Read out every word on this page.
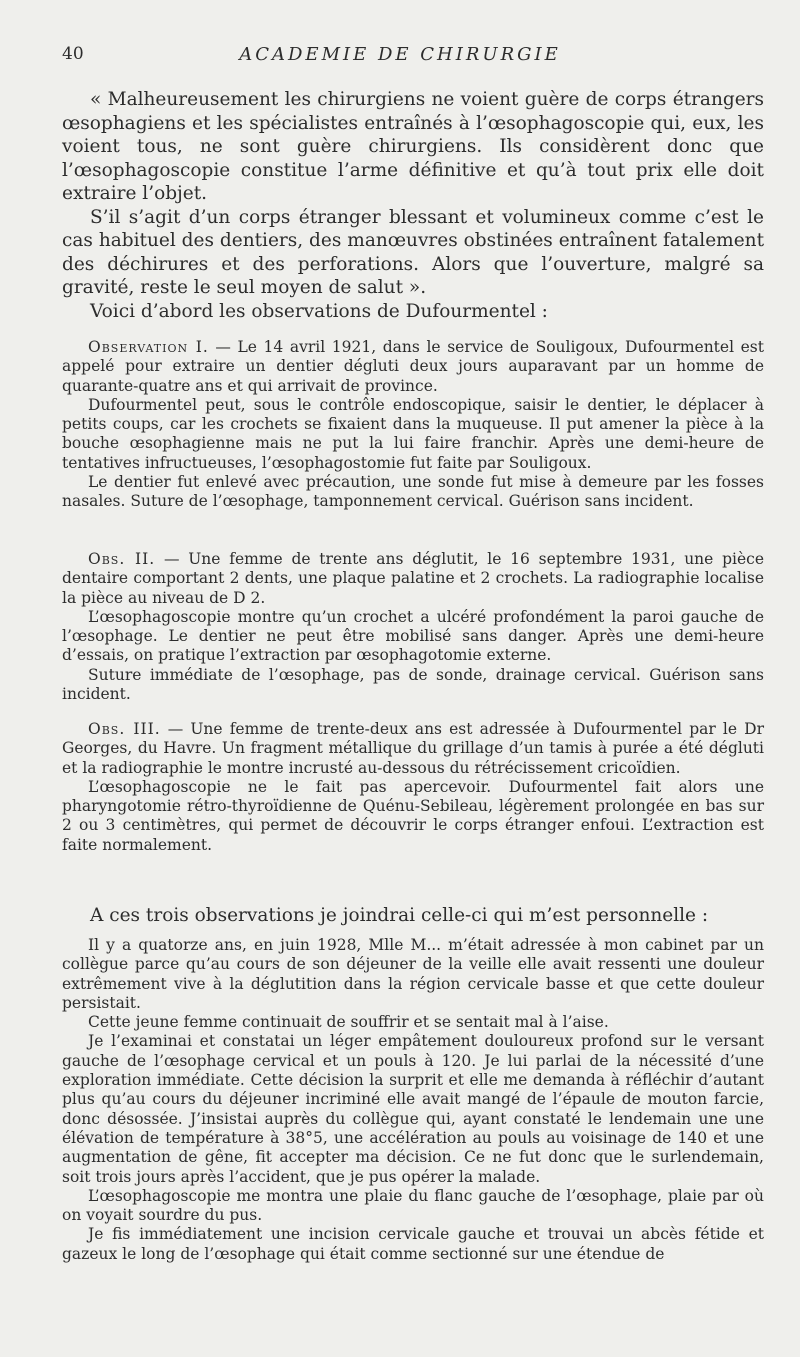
40	ACADEMIE DE CHIRURGIE

« Malheureusement les chirurgiens ne voient guère de corps étrangers œsophagiens et les spécialistes entraînés à l’œsophagoscopie qui, eux, les voient tous, ne sont guère chirurgiens. Ils considèrent donc que l’œsophagoscopie constitue l’arme définitive et qu’à tout prix elle doit extraire l’objet.

S’il s’agit d’un corps étranger blessant et volumineux comme c’est le cas habituel des dentiers, des manœuvres obstinées entraînent fatalement des déchirures et des perforations. Alors que l’ouverture, malgré sa gravité, reste le seul moyen de salut ».

Voici d’abord les observations de Dufourmentel :

Observation I. — Le 14 avril 1921, dans le service de Souligoux, Dufourmentel est appelé pour extraire un dentier dégluti deux jours auparavant par un homme de quarante-quatre ans et qui arrivait de province.

Dufourmentel peut, sous le contrôle endoscopique, saisir le dentier, le déplacer à petits coups, car les crochets se fixaient dans la muqueuse. Il put amener la pièce à la bouche œsophagienne mais ne put la lui faire franchir. Après une demi-heure de tentatives infructueuses, l’œsophagostomie fut faite par Souligoux.

Le dentier fut enlevé avec précaution, une sonde fut mise à demeure par les fosses nasales. Suture de l’œsophage, tamponnement cervical. Guérison sans incident.

Obs. II. — Une femme de trente ans déglutit, le 16 septembre 1931, une pièce dentaire comportant 2 dents, une plaque palatine et 2 crochets. La radiographie localise la pièce au niveau de D 2.

L’œsophagoscopie montre qu’un crochet a ulcéré profondément la paroi gauche de l’œsophage. Le dentier ne peut être mobilisé sans danger. Après une demi-heure d’essais, on pratique l’extraction par œsophagotomie externe.

Suture immédiate de l’œsophage, pas de sonde, drainage cervical. Guérison sans incident.

Obs. III. — Une femme de trente-deux ans est adressée à Dufourmentel par le Dr Georges, du Havre. Un fragment métallique du grillage d’un tamis à purée a été dégluti et la radiographie le montre incrusté au-dessous du rétrécissement cricoïdien.

L’œsophagoscopie ne le fait pas apercevoir. Dufourmentel fait alors une pharyngotomie rétro-thyroïdienne de Quénu-Sebileau, légèrement prolongée en bas sur 2 ou 3 centimètres, qui permet de découvrir le corps étranger enfoui. L’extraction est faite normalement.

A ces trois observations je joindrai celle-ci qui m’est personnelle :

Il y a quatorze ans, en juin 1928, Mlle M... m’était adressée à mon cabinet par un collègue parce qu’au cours de son déjeuner de la veille elle avait ressenti une douleur extrêmement vive à la déglutition dans la région cervicale basse et que cette douleur persistait.

Cette jeune femme continuait de souffrir et se sentait mal à l’aise.

Je l’examinai et constatai un léger empâtement douloureux profond sur le versant gauche de l’œsophage cervical et un pouls à 120. Je lui parlai de la nécessité d’une exploration immédiate. Cette décision la surprit et elle me demanda à réfléchir d’autant plus qu’au cours du déjeuner incriminé elle avait mangé de l’épaule de mouton farcie, donc désossée. J’insistai auprès du collègue qui, ayant constaté le lendemain une une élévation de température à 38°5, une accélération au pouls au voisinage de 140 et une augmentation de gêne, fit accepter ma décision. Ce ne fut donc que le surlendemain, soit trois jours après l’accident, que je pus opérer la malade.

L’œsophagoscopie me montra une plaie du flanc gauche de l’œsophage, plaie par où on voyait sourdre du pus.

Je fis immédiatement une incision cervicale gauche et trouvai un abcès fétide et gazeux le long de l’œsophage qui était comme sectionné sur une étendue de
